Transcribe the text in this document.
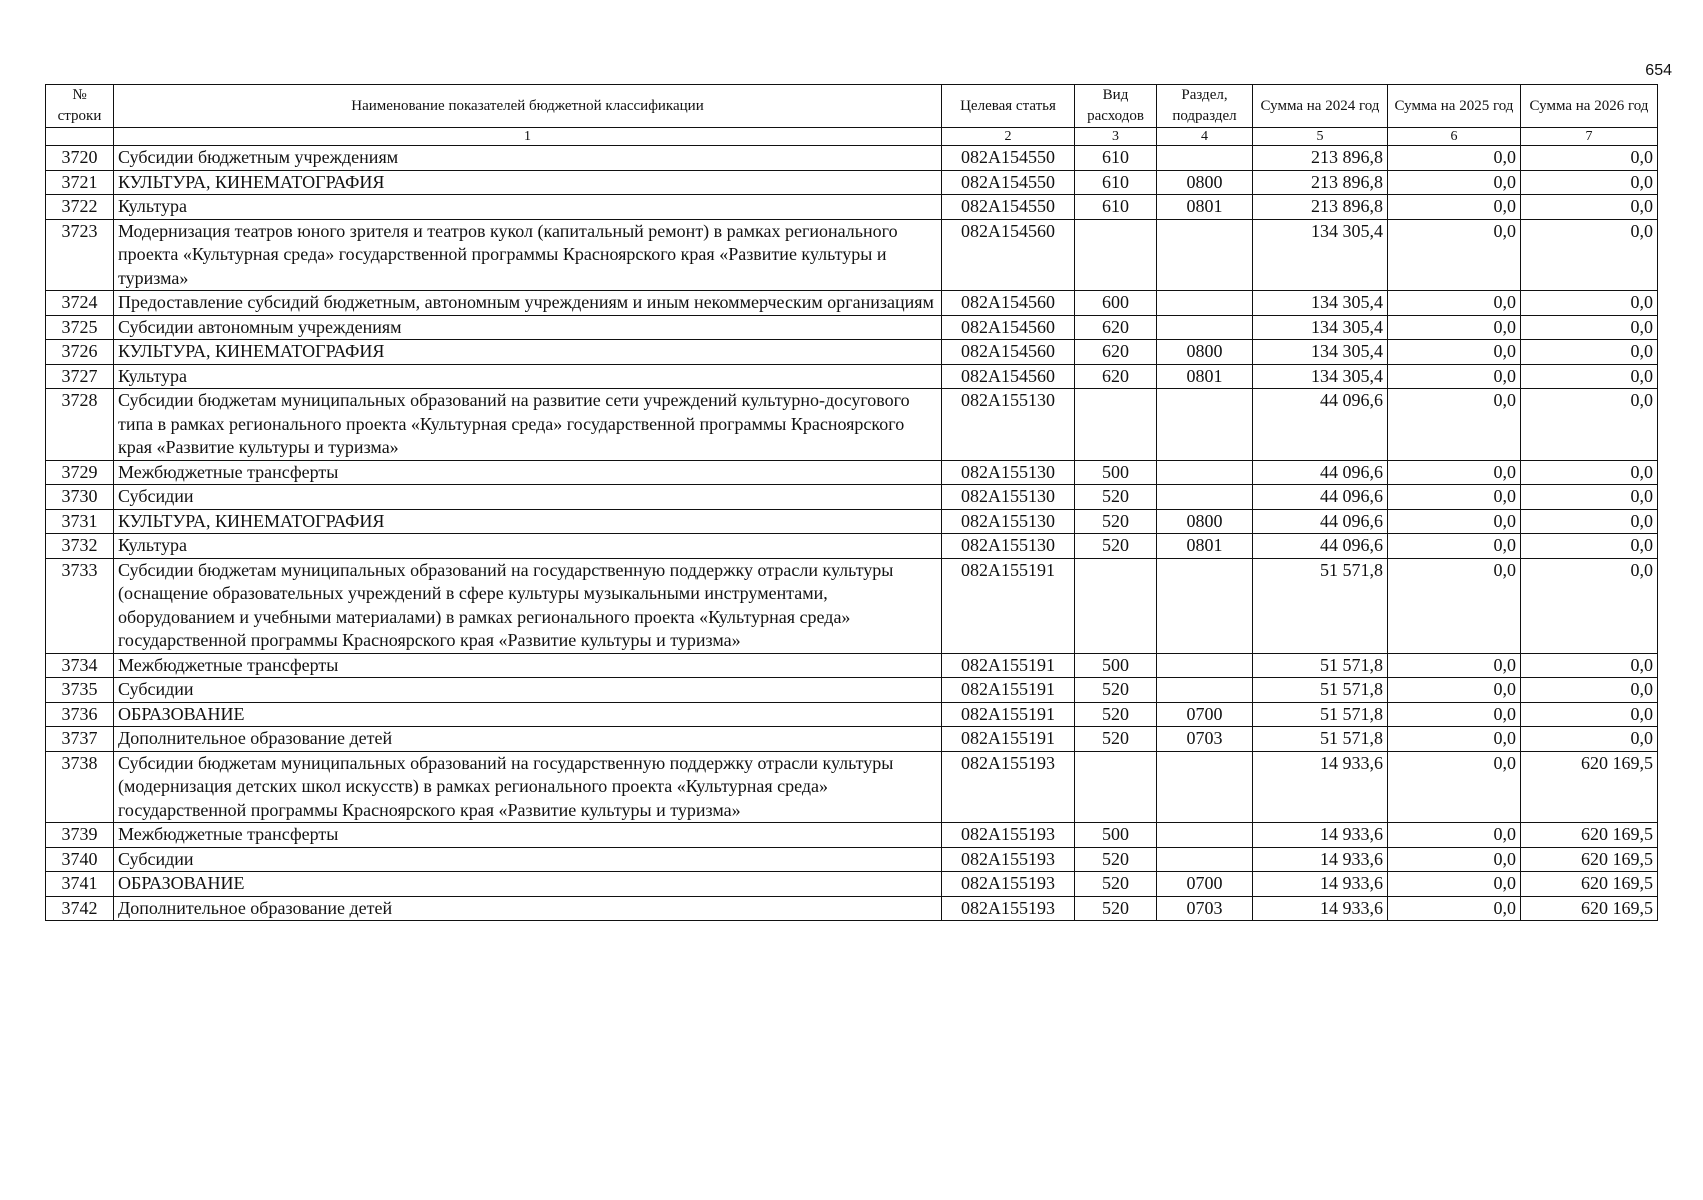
654
№ строки	Наименование показателей бюджетной классификации	Целевая статья	Вид расходов	Раздел, подраздел	Сумма на 2024 год	Сумма на 2025 год	Сумма на 2026 год

	1	2	3	4	5	6	7
3720	Субсидии бюджетным учреждениям	082A154550	610		213 896,8	0,0	0,0
3721	КУЛЬТУРА, КИНЕМАТОГРАФИЯ	082A154550	610	0800	213 896,8	0,0	0,0
3722	Культура	082A154550	610	0801	213 896,8	0,0	0,0
3723	Модернизация театров юного зрителя и театров кукол (капитальный ремонт) в рамках регионального проекта «Культурная среда» государственной программы Красноярского края «Развитие культуры и туризма»	082A154560			134 305,4	0,0	0,0
3724	Предоставление субсидий бюджетным, автономным учреждениям и иным некоммерческим организациям	082A154560	600		134 305,4	0,0	0,0
3725	Субсидии автономным учреждениям	082A154560	620		134 305,4	0,0	0,0
3726	КУЛЬТУРА, КИНЕМАТОГРАФИЯ	082A154560	620	0800	134 305,4	0,0	0,0
3727	Культура	082A154560	620	0801	134 305,4	0,0	0,0
3728	Субсидии бюджетам муниципальных образований на развитие сети учреждений культурно-досугового типа в рамках регионального проекта «Культурная среда» государственной программы Красноярского края «Развитие культуры и туризма»	082A155130			44 096,6	0,0	0,0
3729	Межбюджетные трансферты	082A155130	500		44 096,6	0,0	0,0
3730	Субсидии	082A155130	520		44 096,6	0,0	0,0
3731	КУЛЬТУРА, КИНЕМАТОГРАФИЯ	082A155130	520	0800	44 096,6	0,0	0,0
3732	Культура	082A155130	520	0801	44 096,6	0,0	0,0
3733	Субсидии бюджетам муниципальных образований на государственную поддержку отрасли культуры (оснащение образовательных учреждений в сфере культуры музыкальными инструментами, оборудованием и учебными материалами) в рамках регионального проекта «Культурная среда» государственной программы Красноярского края «Развитие культуры и туризма»	082A155191			51 571,8	0,0	0,0
3734	Межбюджетные трансферты	082A155191	500		51 571,8	0,0	0,0
3735	Субсидии	082A155191	520		51 571,8	0,0	0,0
3736	ОБРАЗОВАНИЕ	082A155191	520	0700	51 571,8	0,0	0,0
3737	Дополнительное образование детей	082A155191	520	0703	51 571,8	0,0	0,0
3738	Субсидии бюджетам муниципальных образований на государственную поддержку отрасли культуры (модернизация детских школ искусств) в рамках регионального проекта «Культурная среда» государственной программы Красноярского края «Развитие культуры и туризма»	082A155193			14 933,6	0,0	620 169,5
3739	Межбюджетные трансферты	082A155193	500		14 933,6	0,0	620 169,5
3740	Субсидии	082A155193	520		14 933,6	0,0	620 169,5
3741	ОБРАЗОВАНИЕ	082A155193	520	0700	14 933,6	0,0	620 169,5
3742	Дополнительное образование детей	082A155193	520	0703	14 933,6	0,0	620 169,5
